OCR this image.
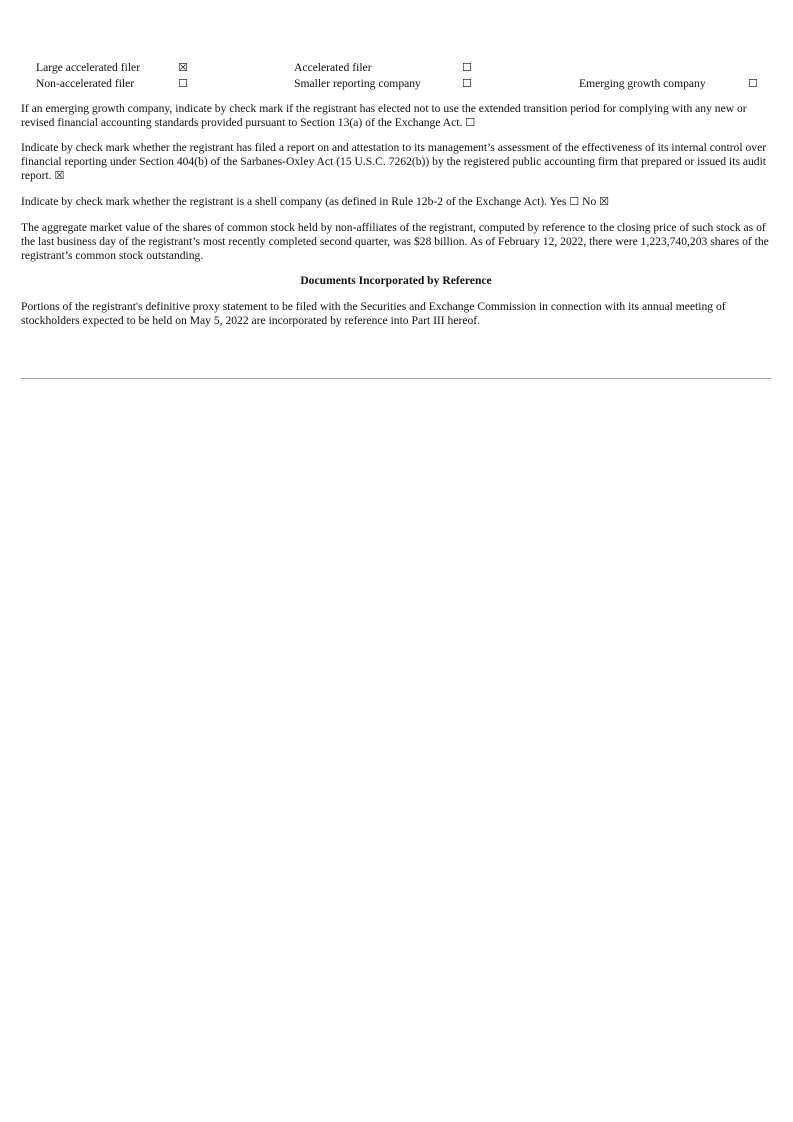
Large accelerated filer	☒	Accelerated filer	☐
Non-accelerated filer	☐	Smaller reporting company	☐	Emerging growth company	☐

If an emerging growth company, indicate by check mark if the registrant has elected not to use the extended transition period for complying with any new or revised financial accounting standards provided pursuant to Section 13(a) of the Exchange Act. ☐

Indicate by check mark whether the registrant has filed a report on and attestation to its management’s assessment of the effectiveness of its internal control over financial reporting under Section 404(b) of the Sarbanes-Oxley Act (15 U.S.C. 7262(b)) by the registered public accounting firm that prepared or issued its audit report. ☒

Indicate by check mark whether the registrant is a shell company (as defined in Rule 12b-2 of the Exchange Act). Yes ☐ No ☒

The aggregate market value of the shares of common stock held by non-affiliates of the registrant, computed by reference to the closing price of such stock as of the last business day of the registrant’s most recently completed second quarter, was $28 billion. As of February 12, 2022, there were 1,223,740,203 shares of the registrant’s common stock outstanding.

Documents Incorporated by Reference

Portions of the registrant's definitive proxy statement to be filed with the Securities and Exchange Commission in connection with its annual meeting of stockholders expected to be held on May 5, 2022 are incorporated by reference into Part III hereof.
